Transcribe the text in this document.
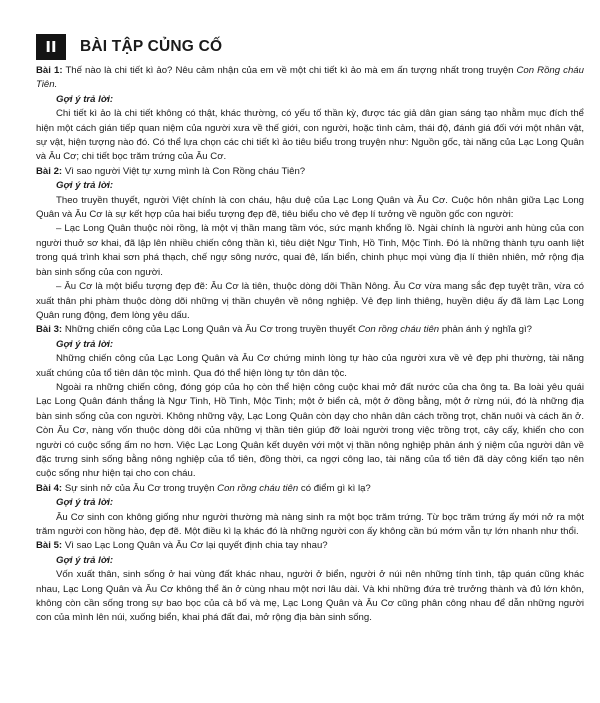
II	BÀI TẬP CỦNG CỐ

Bài 1: Thế nào là chi tiết kì ảo? Nêu cảm nhận của em về một chi tiết kì ảo mà em ấn tượng nhất trong truyện Con Rồng cháu Tiên.

Gợi ý trả lời:

Chi tiết kì ảo là chi tiết không có thật, khác thường, có yếu tố thần kỳ, được tác giả dân gian sáng tạo nhằm mục đích thể hiện một cách gián tiếp quan niệm của người xưa về thế giới, con người, hoặc tình cảm, thái độ, đánh giá đối với một nhân vật, sự vật, hiện tượng nào đó. Có thể lựa chọn các chi tiết kì ảo tiêu biểu trong truyện như: Nguồn gốc, tài năng của Lạc Long Quân và Âu Cơ; chi tiết bọc trăm trứng của Âu Cơ.

Bài 2: Vì sao người Việt tự xưng mình là Con Rồng cháu Tiên?

Gợi ý trả lời:

Theo truyền thuyết, người Việt chính là con cháu, hậu duệ của Lạc Long Quân và Âu Cơ. Cuộc hôn nhân giữa Lạc Long Quân và Âu Cơ là sự kết hợp của hai biểu tượng đẹp đẽ, tiêu biểu cho vẻ đẹp lí tưởng về nguồn gốc con người:

– Lạc Long Quân thuộc nòi rồng, là một vị thần mang tầm vóc, sức mạnh khổng lồ. Ngài chính là người anh hùng của con người thuở sơ khai, đã lập lên nhiều chiến công thần kì, tiêu diệt Ngư Tinh, Hồ Tinh, Mộc Tinh. Đó là những thành tựu oanh liệt trong quá trình khai sơn phá thạch, chế ngự sông nước, quai đê, lấn biển, chinh phục mọi vùng địa lí thiên nhiên, mở rộng địa bàn sinh sống của con người.

– Âu Cơ là một biểu tượng đẹp đẽ: Âu Cơ là tiên, thuộc dòng dõi Thần Nông. Âu Cơ vừa mang sắc đẹp tuyệt trần, vừa có xuất thân phi phàm thuộc dòng dõi những vị thần chuyên về nông nghiệp. Vẻ đẹp linh thiêng, huyền diệu ấy đã làm Lạc Long Quân rung động, đem lòng yêu dấu.

Bài 3: Những chiến công của Lạc Long Quân và Âu Cơ trong truyền thuyết Con rồng cháu tiên phản ánh ý nghĩa gì?

Gợi ý trả lời:

Những chiến công của Lạc Long Quân và Âu Cơ chứng minh lòng tự hào của người xưa về vẻ đẹp phi thường, tài năng xuất chúng của tổ tiên dân tộc mình. Qua đó thể hiện lòng tự tôn dân tộc.

Ngoài ra những chiến công, đóng góp của họ còn thể hiện công cuộc khai mở đất nước của cha ông ta. Ba loài yêu quái Lạc Long Quân đánh thắng là Ngư Tinh, Hồ Tinh, Mộc Tinh; một ở biển cả, một ở đồng bằng, một ở rừng núi, đó là những địa bàn sinh sống của con người. Không những vậy, Lạc Long Quân còn dạy cho nhân dân cách trồng trọt, chăn nuôi và cách ăn ở. Còn Âu Cơ, nàng vốn thuộc dòng dõi của những vị thần tiên giúp đỡ loài người trong việc trồng trọt, cây cấy, khiến cho con người có cuộc sống ấm no hơn. Việc Lạc Long Quân kết duyên với một vị thần nông nghiệp phản ánh ý niệm của người dân về đặc trưng sinh sống bằng nông nghiệp của tổ tiên, đồng thời, ca ngợi công lao, tài năng của tổ tiên đã dày công kiến tạo nên cuộc sống như hiện tại cho con cháu.

Bài 4: Sự sinh nở của Âu Cơ trong truyện Con rồng cháu tiên có điểm gì kì lạ?

Gợi ý trả lời:

Âu Cơ sinh con không giống như người thường mà nàng sinh ra một bọc trăm trứng. Từ bọc trăm trứng ấy mới nở ra một trăm người con hồng hào, đẹp đẽ. Một điều kì lạ khác đó là những người con ấy không cần bú mớm vẫn tự lớn nhanh như thổi.

Bài 5: Vì sao Lạc Long Quân và Âu Cơ lại quyết định chia tay nhau?

Gợi ý trả lời:

Vốn xuất thân, sinh sống ở hai vùng đất khác nhau, người ở biển, người ở núi nên những tính tình, tập quán cũng khác nhau, Lạc Long Quân và Âu Cơ không thể ăn ở cùng nhau một nơi lâu dài. Và khi những đứa trẻ trưởng thành và đủ lớn khôn, không còn cần sống trong sự bao bọc của cả bố và mẹ, Lạc Long Quân và Âu Cơ cũng phân công nhau để dẫn những người con của mình lên núi, xuống biển, khai phá đất đai, mở rộng địa bàn sinh sống.
